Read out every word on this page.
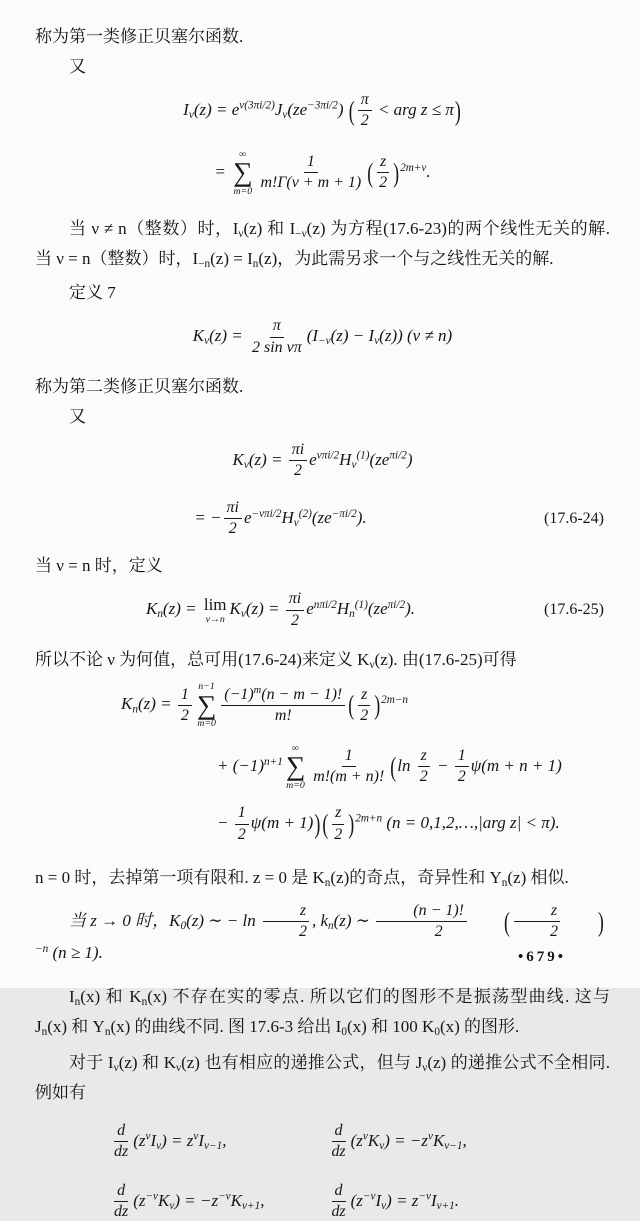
称为第一类修正贝塞尔函数.

又

$I_\nu(z) = e^{\nu(3\pi i/2)}J_\nu(ze^{-3\pi i/2})$ ( $\frac{\pi}{2}$ < arg z ≤ π)
=
∞
∑
$m=0 \frac{1}{m!\Gamma(\nu + m + 1)}$ ( $\frac{z}{2} )^{2m+\nu}$.

当 ν ≠ n（整数）时，$I_\nu(z)$ 和 $I_{-\nu}(z)$ 为方程(17.6-23)的两个线性无关的解. 当 ν = n（整数）时，$I_{-n}(z) = I_n(z)$，为此需另求一个与之线性无关的解.

定义 7

$K_\nu(z) = \frac{\pi}{\text{2 sin νπ}} (I_{-\nu}(z) - I_\nu(z)) (\nu \ne n)$

称为第二类修正贝塞尔函数.

又

$K_\nu(z) = \frac{\pi i}{2} e^{\nu\pi i/2}H_\nu^{(1)}(ze^{\pi i/2})$
= − $\frac{\pi i}{2} e^{-\nu\pi i/2}H_\nu^{(2)}(ze^{-\pi i/2})$.	(17.6-24)

当 ν = n 时，定义

$K_n(z) = \lim$
ν→n
$K_\nu(z) = \frac{\pi i}{2} e^{n\pi i/2}H_n^{(1)}(ze^{\pi i/2})$.	(17.6-25)

所以不论 ν 为何值，总可用(17.6-24)来定义 $K_\nu(z)$. 由(17.6-25)可得

$K_n(z) = \frac{1}{2} n-1$
∑
$m=0 \frac{(-1)^m(n - m - 1)!}{m!}$ ( $\frac{z}{2} )^{2m-n}$
+ $(-1)^{n+1}$
∞
∑
$m=0 \frac{1}{m!(m + n)!} (\ln \frac{z}{2} - \frac{1}{2} \psi(m + n + 1)$
− $\frac{1}{2} \psi(m + 1)$) ( $\frac{z}{2} )^{2m+n}$ (n = 0,1,2,…,|arg z| < π).

n = 0 时，去掉第一项有限和. z = 0 是 $K_n(z)$的奇点，奇异性和 $Y_n(z)$ 相似.

当 z → 0 时，$K_0(z)$ ∼ − $\ln \frac{z}{2}$ , $k_n(z)$ ∼ $\frac{(n - 1)!}{2}$ ( $\frac{z}{2} )^{-n}$ (n ≥ 1).

$I_n(x)$ 和 $K_n(x)$ 不存在实的零点. 所以它们的图形不是振荡型曲线. 这与 $J_n(x)$ 和 $Y_n(x)$ 的曲线不同. 图 17.6-3 给出 $I_0(x)$ 和 100 $K_0(x)$ 的图形.

对于 $I_\nu(z)$ 和 $K_\nu(z)$ 也有相应的递推公式，但与 $J_\nu(z)$ 的递推公式不全相同. 例如有

$\frac{d}{dz} (z^\nu I_\nu) = z^\nu I_{\nu-1}$,	$\frac{d}{dz} (z^\nu K_\nu) = -z^\nu K_{\nu-1}$,
$\frac{d}{dz} (z^{-\nu}K_\nu) = -z^{-\nu}K_{\nu+1}$,	$\frac{d}{dz} (z^{-\nu}I_\nu) = z^{-\nu}I_{\nu+1}$.
•679•
